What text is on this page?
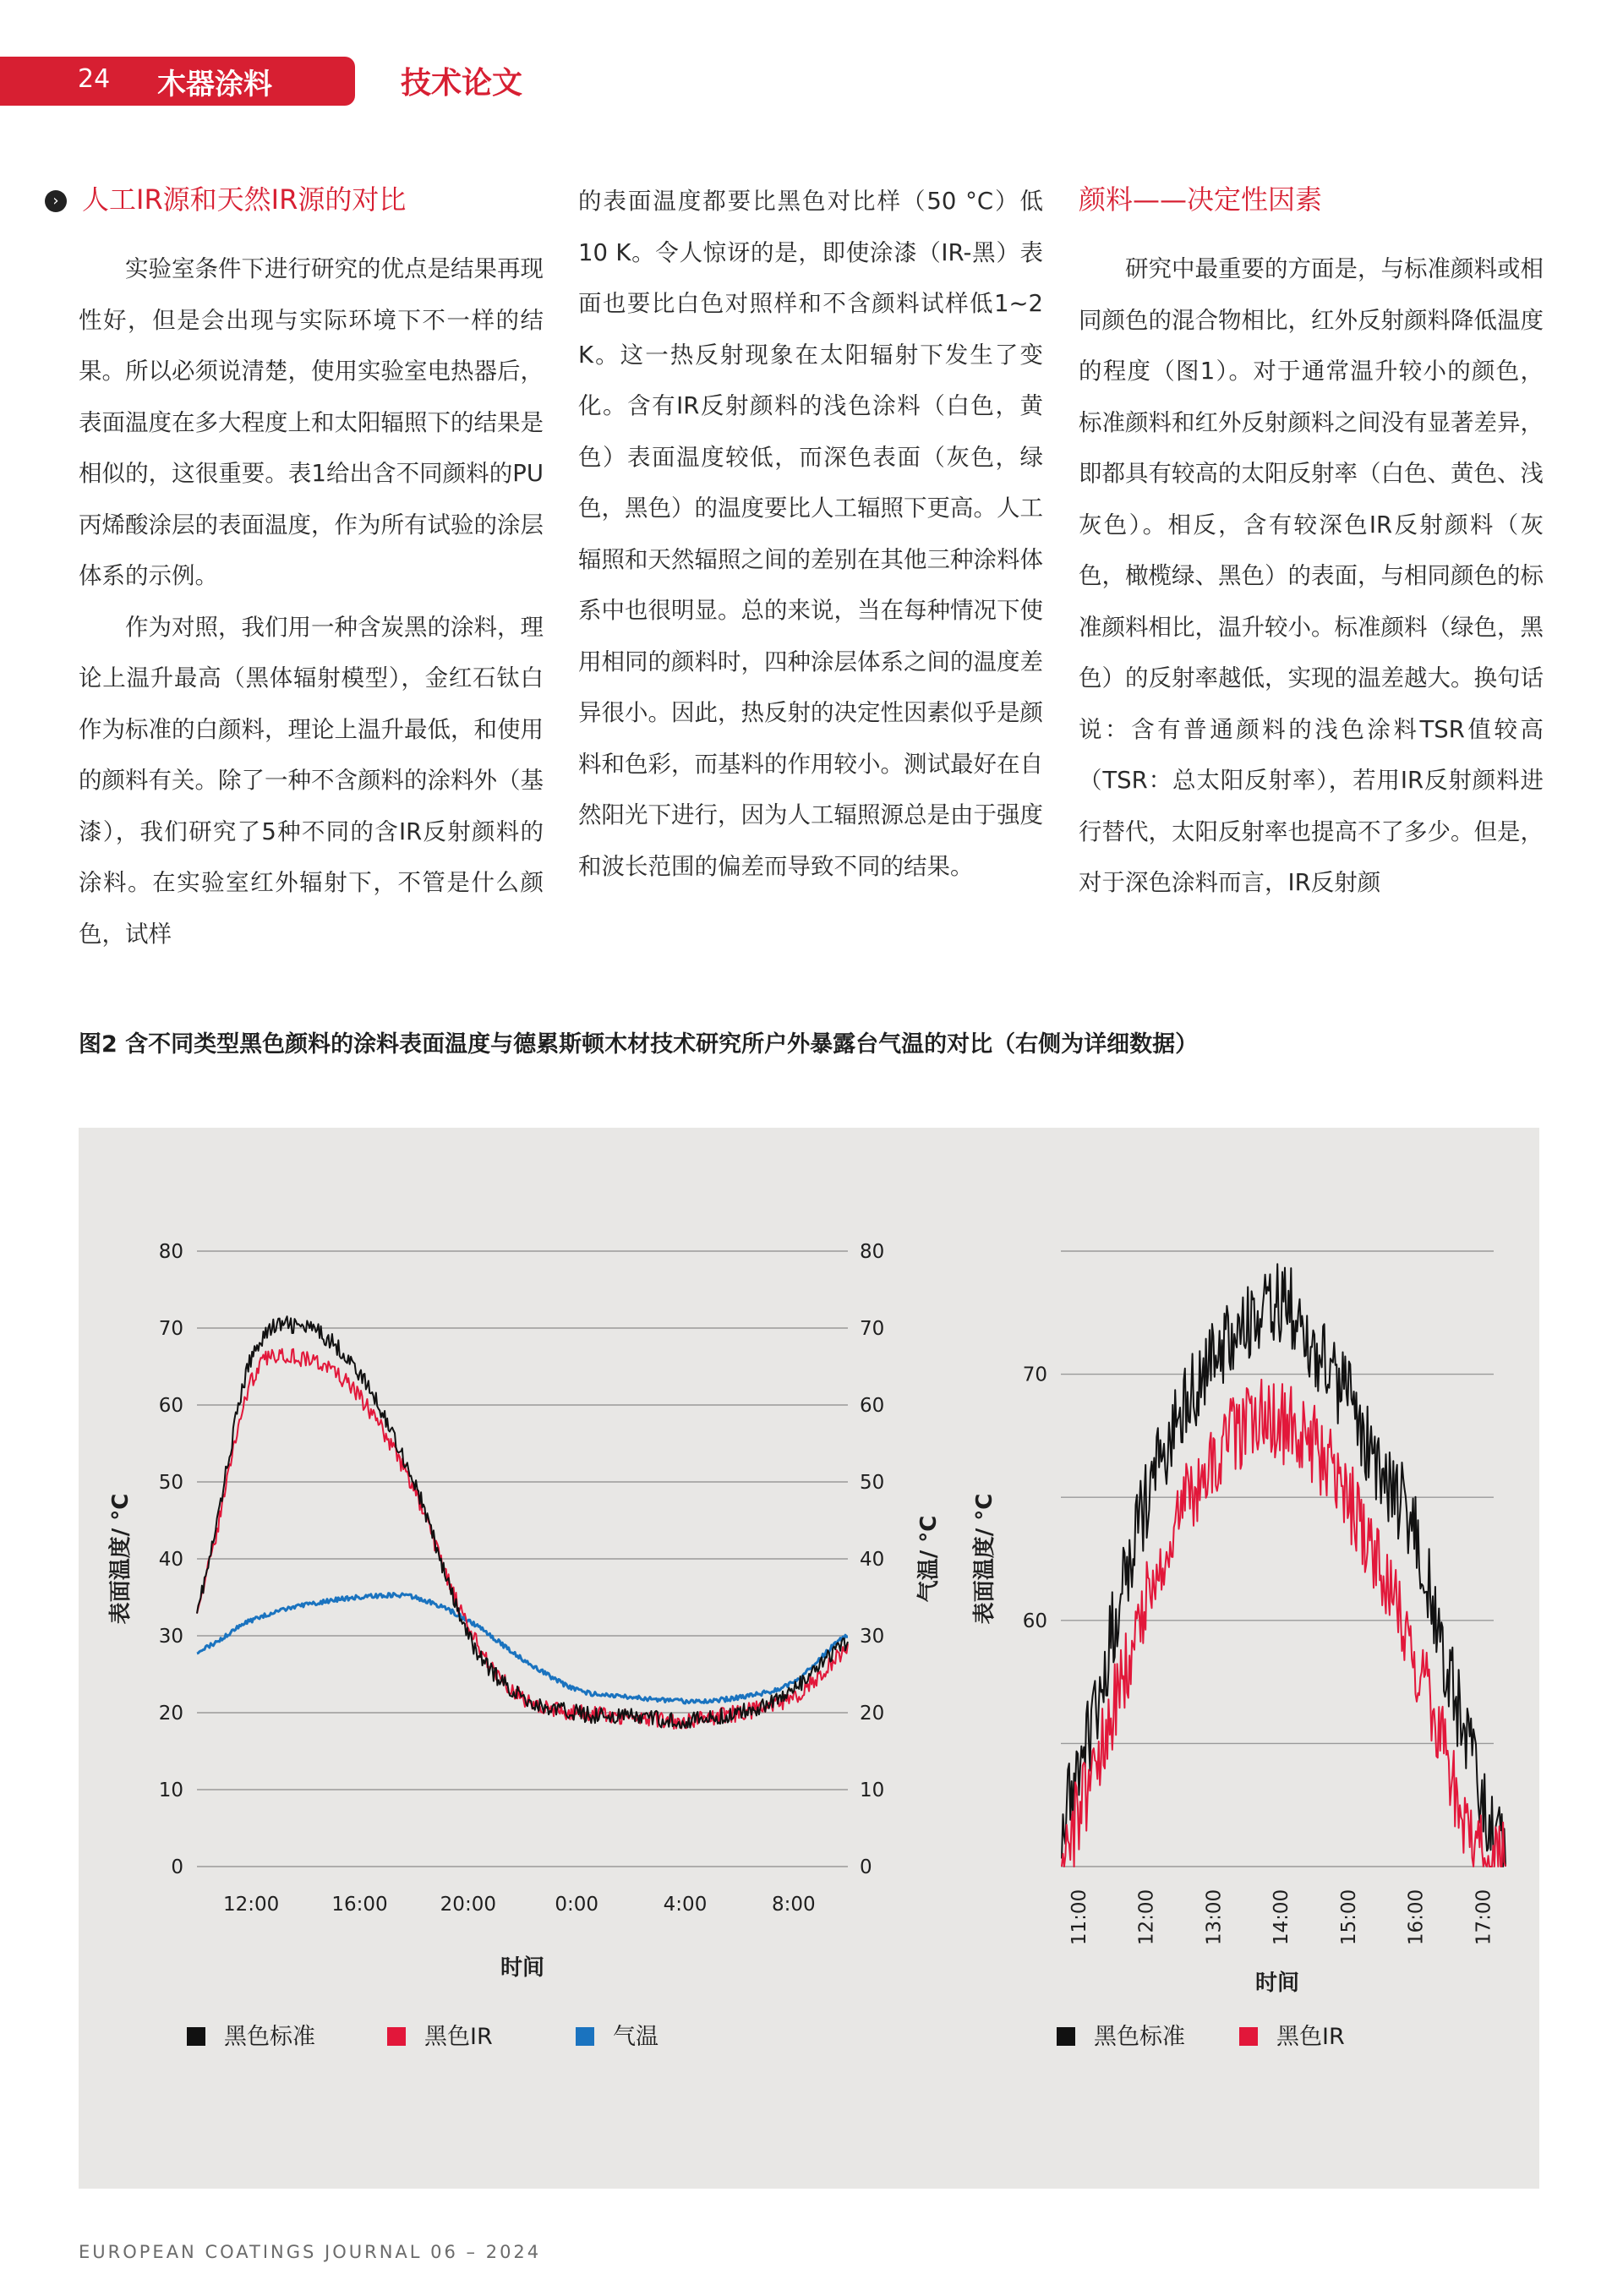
24 木器涂料	技术论文
› 人工IR源和天然IR源的对比

实验室条件下进行研究的优点是结果再现性好，但是会出现与实际环境下不一样的结果。所以必须说清楚，使用实验室电热器后，表面温度在多大程度上和太阳辐照下的结果是相似的，这很重要。表1给出含不同颜料的PU丙烯酸涂层的表面温度，作为所有试验的涂层体系的示例。

作为对照，我们用一种含炭黑的涂料，理论上温升最高（黑体辐射模型），金红石钛白作为标准的白颜料，理论上温升最低，和使用的颜料有关。除了一种不含颜料的涂料外（基漆），我们研究了5种不同的含IR反射颜料的涂料。在实验室红外辐射下，不管是什么颜色，试样

的表面温度都要比黑色对比样（50 °C）低10 K。令人惊讶的是，即使涂漆（IR-黑）表面也要比白色对照样和不含颜料试样低1~2 K。这一热反射现象在太阳辐射下发生了变化。含有IR反射颜料的浅色涂料（白色，黄色）表面温度较低，而深色表面（灰色，绿色，黑色）的温度要比人工辐照下更高。人工辐照和天然辐照之间的差别在其他三种涂料体系中也很明显。总的来说，当在每种情况下使用相同的颜料时，四种涂层体系之间的温度差异很小。因此，热反射的决定性因素似乎是颜料和色彩，而基料的作用较小。测试最好在自然阳光下进行，因为人工辐照源总是由于强度和波长范围的偏差而导致不同的结果。

颜料——决定性因素

研究中最重要的方面是，与标准颜料或相同颜色的混合物相比，红外反射颜料降低温度的程度（图1）。对于通常温升较小的颜色，标准颜料和红外反射颜料之间没有显著差异，即都具有较高的太阳反射率（白色、黄色、浅灰色）。相反，含有较深色IR反射颜料（灰色，橄榄绿、黑色）的表面，与相同颜色的标准颜料相比，温升较小。标准颜料（绿色，黑色）的反射率越低，实现的温差越大。换句话说：含有普通颜料的浅色涂料TSR值较高（TSR：总太阳反射率），若用IR反射颜料进行替代，太阳反射率也提高不了多少。但是，对于深色涂料而言，IR反射颜

图2 含不同类型黑色颜料的涂料表面温度与德累斯顿木材技术研究所户外暴露台气温的对比（右侧为详细数据）
0	0
10	10
20	20
30	30
40	40
50	50
60	60
70	70
80	80
12:00	16:00	20:00	0:00	4:00	8:00
时间
表面温度/ °C	气温/ °C
黑色标准	黑色IR	气温
60
70
11:00 12:00 13:00 14:00 15:00 16:00 17:00
时间
表面温度/ °C
黑色标准	黑色IR
EUROPEAN COATINGS JOURNAL 06 – 2024
